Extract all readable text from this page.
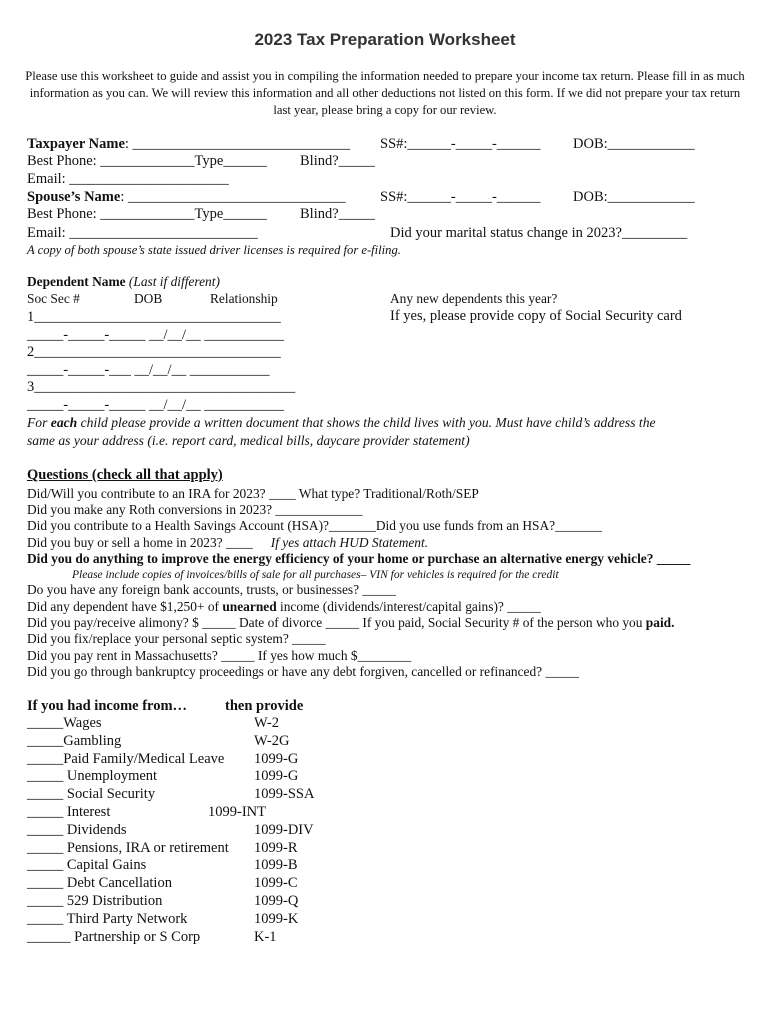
2023 Tax Preparation Worksheet
Please use this worksheet to guide and assist you in compiling the information needed to prepare your income tax return. Please fill in as much information as you can. We will review this information and all other deductions not listed on this form. If we did not prepare your tax return last year, please bring a copy for our review.
Taxpayer Name: ______________________________ SS#:______-_____-______ DOB:____________
Best Phone: _____________Type______ Blind?_____
Email: ______________________
Spouse’s Name: ______________________________ SS#:______-_____-______ DOB:____________
Best Phone: _____________Type______ Blind?_____
Email: __________________________	Did your marital status change in 2023?_________
A copy of both spouse’s state issued driver licenses is required for e-filing.
Dependent Name (Last if different)
Soc Sec #	DOB	Relationship	Any new dependents this year?
If yes, please provide copy of Social Security card
1__________________________________
_____-_____-_____ __/__/__ ___________
2__________________________________
_____-_____-___ __/__/__ ___________
3____________________________________
_____-_____-_____ __/__/__ ___________
For each child please provide a written document that shows the child lives with you. Must have child’s address the
same as your address (i.e. report card, medical bills, daycare provider statement)
Questions (check all that apply)
Did/Will you contribute to an IRA for 2023? ____ What type? Traditional/Roth/SEP
Did you make any Roth conversions in 2023? _____________
Did you contribute to a Health Savings Account (HSA)?_______Did you use funds from an HSA?_______
Did you buy or sell a home in 2023? ____ If yes attach HUD Statement.
Did you do anything to improve the energy efficiency of your home or purchase an alternative energy vehicle? _____
Please include copies of invoices/bills of sale for all purchases– VIN for vehicles is required for the credit
Do you have any foreign bank accounts, trusts, or businesses? _____
Did any dependent have $1,250+ of unearned income (dividends/interest/capital gains)? _____
Did you pay/receive alimony? $ _____ Date of divorce _____ If you paid, Social Security # of the person who you paid.
Did you fix/replace your personal septic system? _____
Did you pay rent in Massachusetts? _____ If yes how much $________
Did you go through bankruptcy proceedings or have any debt forgiven, cancelled or refinanced? _____
If you had income from…	then provide
_____Wages	W-2
_____Gambling	W-2G
_____Paid Family/Medical Leave 1099-G
_____ Unemployment	1099-G
_____ Social Security	1099-SSA
_____ Interest	1099-INT
_____ Dividends	1099-DIV
_____ Pensions, IRA or retirement 1099-R
_____ Capital Gains	1099-B
_____ Debt Cancellation	1099-C
_____ 529 Distribution	1099-Q
_____ Third Party Network	1099-K
______ Partnership or S Corp	K-1
